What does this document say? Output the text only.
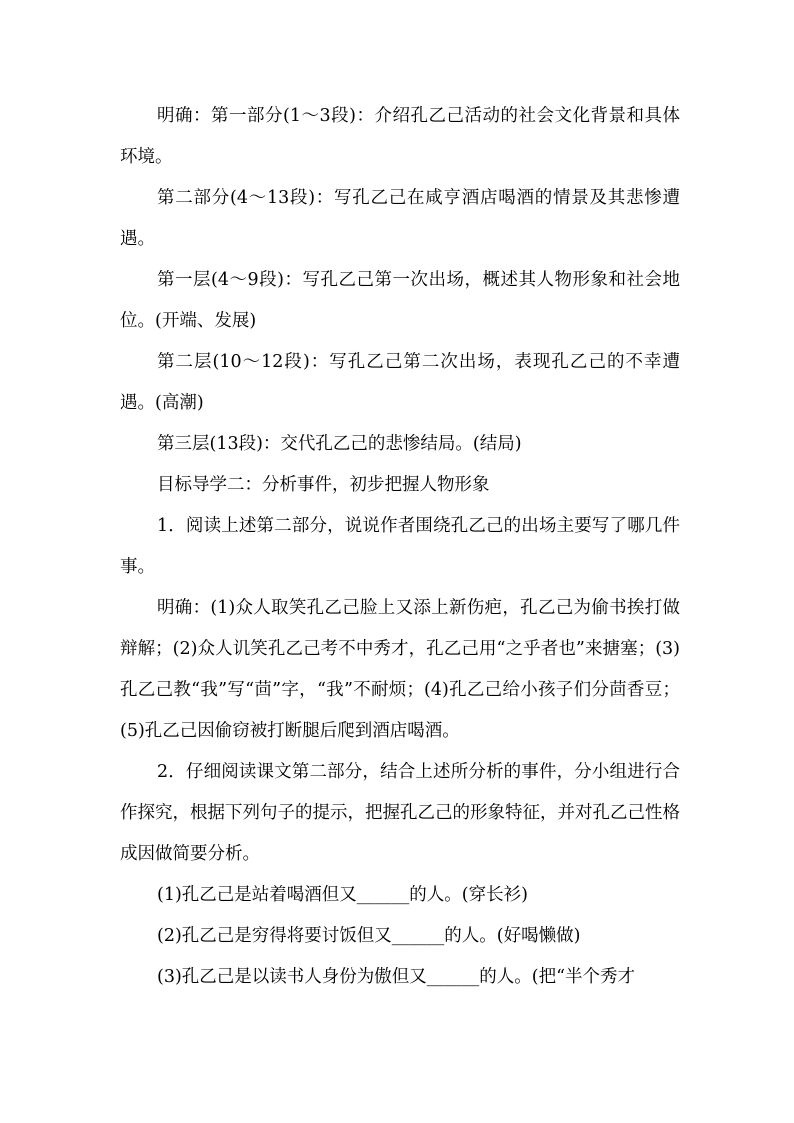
明确：第一部分(1～3段)：介绍孔乙己活动的社会文化背景和具体环境。

第二部分(4～13段)：写孔乙己在咸亨酒店喝酒的情景及其悲惨遭遇。

第一层(4～9段)：写孔乙己第一次出场，概述其人物形象和社会地位。(开端、发展)

第二层(10～12段)：写孔乙己第二次出场，表现孔乙己的不幸遭遇。(高潮)

第三层(13段)：交代孔乙己的悲惨结局。(结局)

目标导学二：分析事件，初步把握人物形象

1．阅读上述第二部分，说说作者围绕孔乙己的出场主要写了哪几件事。

明确：(1)众人取笑孔乙己脸上又添上新伤疤，孔乙己为偷书挨打做辩解；(2)众人讥笑孔乙己考不中秀才，孔乙己用“之乎者也”来搪塞；(3)孔乙己教“我”写“茴”字，“我”不耐烦；(4)孔乙己给小孩子们分茴香豆；(5)孔乙己因偷窃被打断腿后爬到酒店喝酒。

2．仔细阅读课文第二部分，结合上述所分析的事件，分小组进行合作探究，根据下列句子的提示，把握孔乙己的形象特征，并对孔乙己性格成因做简要分析。

(1)孔乙己是站着喝酒但又______的人。(穿长衫)

(2)孔乙己是穷得将要讨饭但又______的人。(好喝懒做)

(3)孔乙己是以读书人身份为傲但又______的人。(把“半个秀才
